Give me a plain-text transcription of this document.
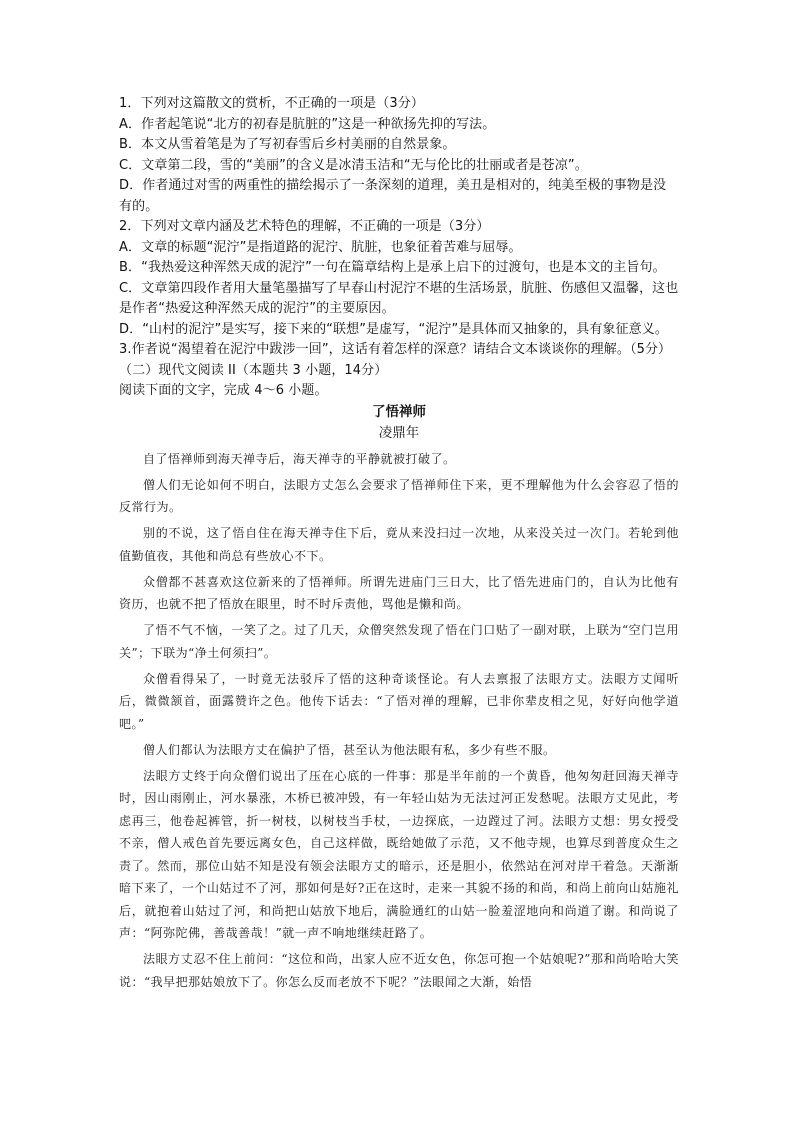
1．下列对这篇散文的赏析，不正确的一项是（3分）

A．作者起笔说“北方的初春是肮脏的”这是一种欲扬先抑的写法。

B．本文从雪着笔是为了写初春雪后乡村美丽的自然景象。

C．文章第二段，雪的“美丽”的含义是冰清玉洁和“无与伦比的壮丽或者是苍凉”。

D．作者通过对雪的两重性的描绘揭示了一条深刻的道理，美丑是相对的，纯美至极的事物是没有的。

2．下列对文章内涵及艺术特色的理解，不正确的一项是（3分）

A．文章的标题“泥泞”是指道路的泥泞、肮脏，也象征着苦难与屈辱。

B．“我热爱这种浑然天成的泥泞”一句在篇章结构上是承上启下的过渡句，也是本文的主旨句。

C．文章第四段作者用大量笔墨描写了早春山村泥泞不堪的生活场景，肮脏、伤感但又温馨，这也是作者“热爱这种浑然天成的泥泞”的主要原因。

D．“山村的泥泞”是实写，接下来的“联想”是虚写，“泥泞”是具体而又抽象的，具有象征意义。

3.作者说“渴望着在泥泞中跋涉一回”，这话有着怎样的深意？请结合文本谈谈你的理解。（5分）

（二）现代文阅读 II（本题共 3 小题，14分）

阅读下面的文字，完成 4～6 小题。

了悟禅师
凌鼎年

自了悟禅师到海天禅寺后，海天禅寺的平静就被打破了。

僧人们无论如何不明白，法眼方丈怎么会要求了悟禅师住下来，更不理解他为什么会容忍了悟的反常行为。

别的不说，这了悟自住在海天禅寺住下后，竟从来没扫过一次地，从来没关过一次门。若轮到他值勤值夜，其他和尚总有些放心不下。

众僧都不甚喜欢这位新来的了悟禅师。所谓先进庙门三日大，比了悟先进庙门的，自认为比他有资历，也就不把了悟放在眼里，时不时斥责他，骂他是懒和尚。

了悟不气不恼，一笑了之。过了几天，众僧突然发现了悟在门口贴了一副对联，上联为“空门岂用关”；下联为“净土何须扫”。

众僧看得呆了，一时竟无法驳斥了悟的这种奇谈怪论。有人去禀报了法眼方丈。法眼方丈闻听后，微微颔首，面露赞许之色。他传下话去：“了悟对禅的理解，已非你辈皮相之见，好好向他学道吧。”

僧人们都认为法眼方丈在偏护了悟，甚至认为他法眼有私，多少有些不服。

法眼方丈终于向众僧们说出了压在心底的一件事：那是半年前的一个黄昏，他匆匆赶回海天禅寺时，因山雨刚止，河水暴涨，木桥已被冲毁，有一年轻山姑为无法过河正发愁呢。法眼方丈见此，考虑再三，他卷起裤管，折一树枝，以树枝当手杖，一边探底，一边蹚过了河。法眼方丈想：男女授受不亲，僧人戒色首先要远离女色，自己这样做，既给她做了示范，又不他寺规，也算尽到普度众生之责了。然而，那位山姑不知是没有领会法眼方丈的暗示，还是胆小，依然站在河对岸干着急。天渐渐暗下来了，一个山姑过不了河，那如何是好?正在这时，走来一其貌不扬的和尚，和尚上前向山姑施礼后，就抱着山姑过了河，和尚把山姑放下地后，满脸通红的山姑一脸羞涩地向和尚道了谢。和尚说了声：“阿弥陀佛，善哉善哉！”就一声不响地继续赶路了。

法眼方丈忍不住上前问：“这位和尚，出家人应不近女色，你怎可抱一个姑娘呢?”那和尚哈哈大笑说：“我早把那姑娘放下了。你怎么反而老放不下呢？”法眼闻之大渐，始悟
